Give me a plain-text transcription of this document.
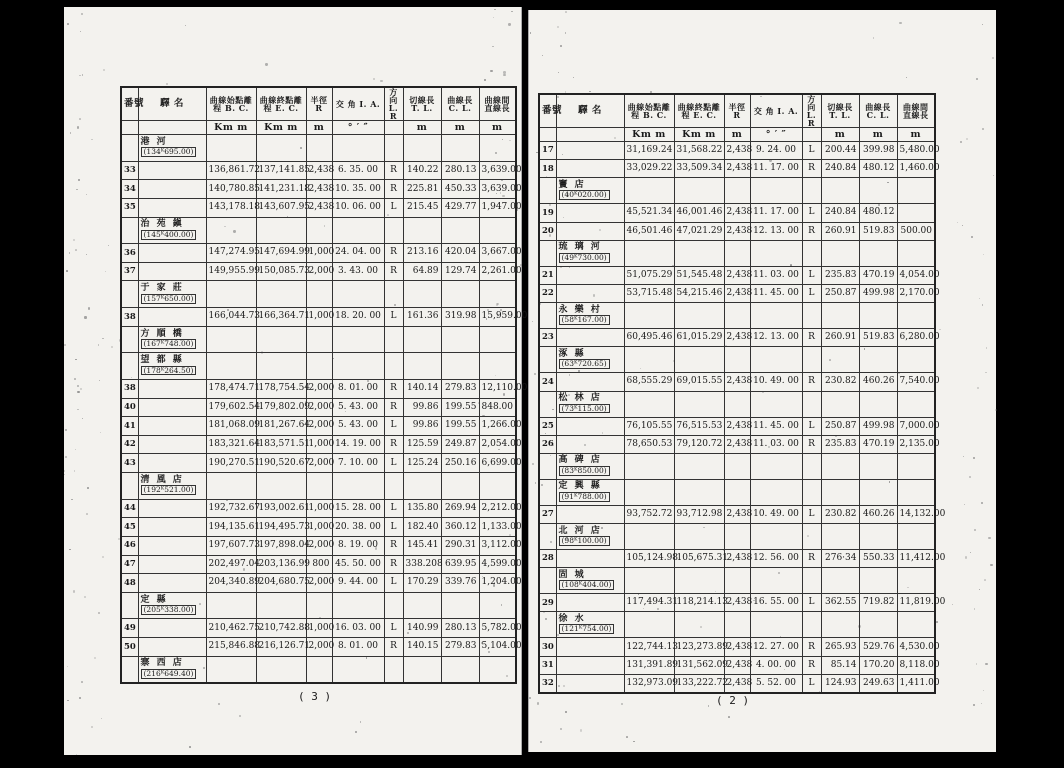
番號	驛 名	曲線始點離程 B. C.	曲線終點離程 E. C.	半徑 R	交 角 I. A.	方向 L. R	切線長 T. L.	曲線長 C. L.	曲線間直線長
		Km m	Km m	m	° ′ ″		m	m	m

	港 河
(134ᴷ695.00)								
33		136,861.72	137,141.85	2,438	6. 35. 00	R	140.22	280.13	3,639.00
34		140,780.85	141,231.18	2,438	10. 35. 00	R	225.81	450.33	3,639.00
35		143,178.18	143,607.95	2,438	10. 06. 00	L	215.45	429.77	1,947.00

	治 苑 鎭
(145ᴷ400.00)								
36		147,274.95	147,694.99	1,000	24. 04. 00	R	213.16	420.04	3,667.00
37		149,955.99	150,085.73	2,000	3. 43. 00	R	64.89	129.74	2,261.00

	于 家 莊
(157ᴷ650.00)								
38		166,044.73	166,364.71	1,000	18. 20. 00	L	161.36	319.98	15,959.00

	方 順 橋
(167ᴷ748.00)								

	望 都 縣
(178ᴷ264.50)								
38		178,474.71	178,754.54	2,000	8. 01. 00	R	140.14	279.83	12,110.00
40		179,602.54	179,802.09	2,000	5. 43. 00	R	99.86	199.55	848.00
41		181,068.09	181,267.64	2,000	5. 43. 00	L	99.86	199.55	1,266.00
42		183,321.64	183,571.51	1,000	14. 19. 00	R	125.59	249.87	2,054.00
43		190,270.51	190,520.67	2,000	7. 10. 00	L	125.24	250.16	6,699.00

	淸 風 店
(192ᴷ521.00)								
44		192,732.67	193,002.61	1,000	15. 28. 00	L	135.80	269.94	2,212.00
45		194,135.61	194,495.73	1,000	20. 38. 00	L	182.40	360.12	1,133.00
46		197,607.73	197,898.04	2,000	8. 19. 00	R	145.41	290.31	3,112.00
47		202,497.04	203,136.99	800	45. 50. 00	R	338.208	639.95	4,599.00
48		204,340.89	204,680.75	2,000	9. 44. 00	L	170.29	339.76	1,204.00

	定 縣
(205ᴷ338.00)								
49		210,462.75	210,742.88	1,000	16. 03. 00	L	140.99	280.13	5,782.00
50		215,846.88	216,126.71	2,000	8. 01. 00	R	140.15	279.83	5,104.00

	寨 西 店
(216ᴷ649.40)								
番號	驛 名	曲線始點離程 B. C.	曲線終點離程 E. C.	半徑 R	交 角 I. A.	方向 L. R	切線長 T. L.	曲線長 C. L.	曲線間直線長
		Km m	Km m	m	° ′ ″		m	m	m
17		31,169.24	31,568.22	2,438	9. 24. 00	L	200.44	399.98	5,480.00
18		33,029.22	33,509.34	2,438	11. 17. 00	R	240.84	480.12	1,460.00

	竇 店
(40ᴷ020.00)								
19		45,521.34	46,001.46	2,438	11. 17. 00	L	240.84	480.12	
20		46,501.46	47,021.29	2,438	12. 13. 00	R	260.91	519.83	500.00

	琉 璃 河
(49ᴷ730.00)								
21		51,075.29	51,545.48	2,438	11. 03. 00	L	235.83	470.19	4,054.00
22		53,715.48	54,215.46	2,438	11. 45. 00	L	250.87	499.98	2,170.00

	永 樂 村
(58ᴷ167.00)								
23		60,495.46	61,015.29	2,438	12. 13. 00	R	260.91	519.83	6,280.00

	涿 縣
(63ᴷ720.65)								
24		68,555.29	69,015.55	2,438	10. 49. 00	R	230.82	460.26	7,540.00

	松 林 店
(73ᴷ115.00)								
25		76,105.55	76,515.53	2,438	11. 45. 00	L	250.87	499.98	7,000.00
26		78,650.53	79,120.72	2,438	11. 03. 00	R	235.83	470.19	2,135.00

	高 碑 店
(83ᴷ850.00)								

	定 興 縣
(91ᴷ788.00)								
27		93,752.72	93,712.98	2,438	10. 49. 00	L	230.82	460.26	14,132.00

	北 河 店
(98ᴷ100.00)								
28		105,124.98	105,675.31	2,438	12. 56. 00	R	276·34	550.33	11,412.00

	固 城
(108ᴷ404.00)								
29		117,494.31	118,214.13	2,438	16. 55. 00	L	362.55	719.82	11,819.00

	徐 水
(121ᴷ754.00)								
30		122,744.13	123,273.89	2,438	12. 27. 00	R	265.93	529.76	4,530.00
31		131,391.89	131,562.09	2,438	4. 00. 00	R	85.14	170.20	8,118.00
32		132,973.09	133,222.72	2,438	5. 52. 00	L	124.93	249.63	1,411.00
( 3 )	( 2 )
